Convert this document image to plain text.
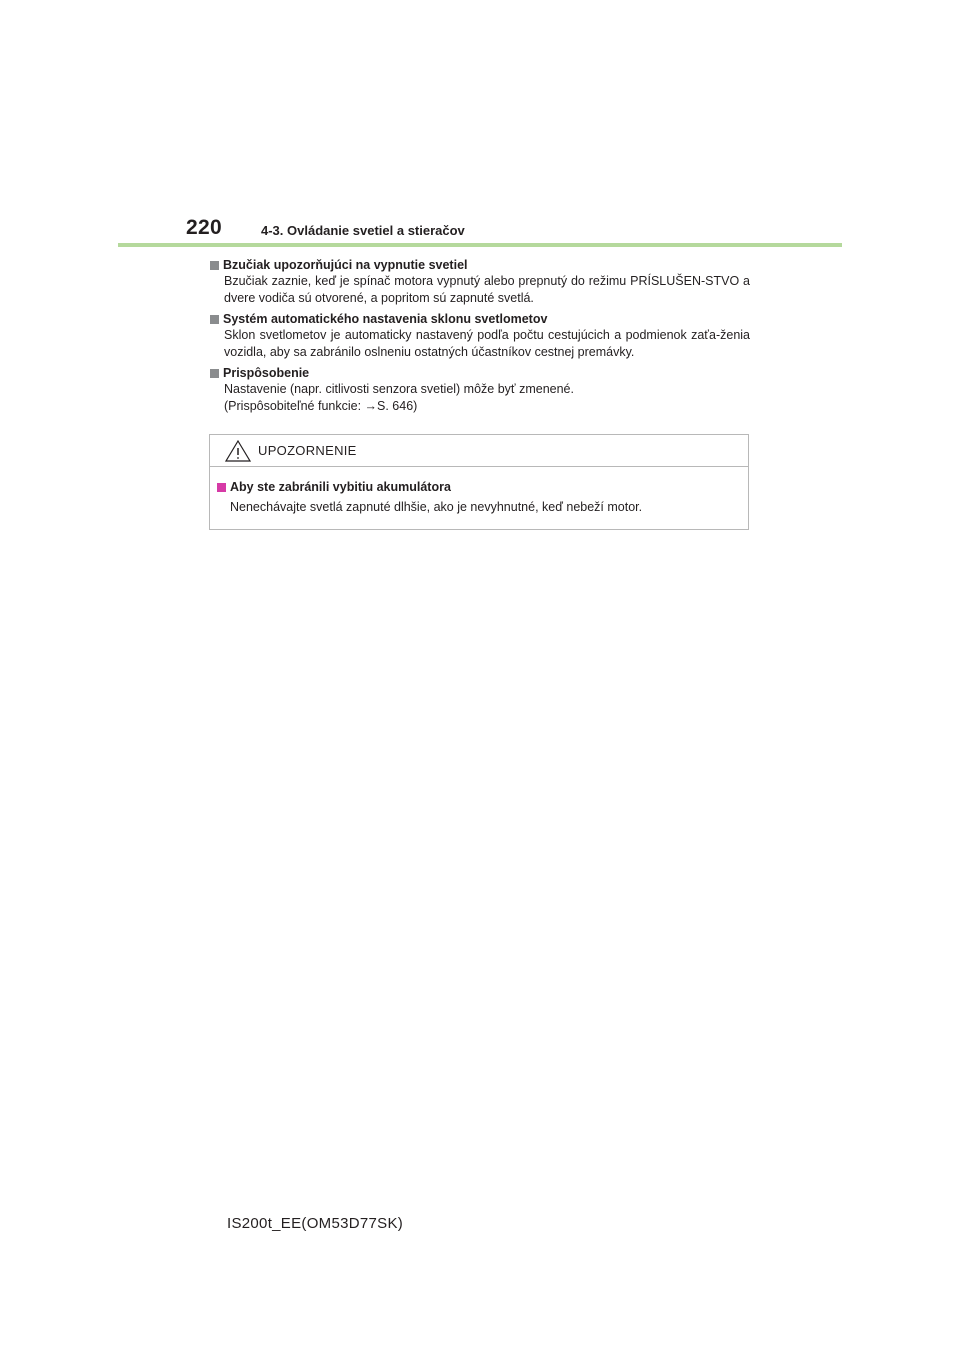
220	4-3. Ovládanie svetiel a stieračov
Bzučiak upozorňujúci na vypnutie svetiel

Bzučiak zaznie, keď je spínač motora vypnutý alebo prepnutý do režimu PRÍSLUŠEN-STVO a dvere vodiča sú otvorené, a popritom sú zapnuté svetlá.

Systém automatického nastavenia sklonu svetlometov

Sklon svetlometov je automaticky nastavený podľa počtu cestujúcich a podmienok zaťa-ženia vozidla, aby sa zabránilo oslneniu ostatných účastníkov cestnej premávky.

Prispôsobenie

Nastavenie (napr. citlivosti senzora svetiel) môže byť zmenené.

(Prispôsobiteľné funkcie: →S. 646)

UPOZORNENIE
Aby ste zabránili vybitiu akumulátora

Nenechávajte svetlá zapnuté dlhšie, ako je nevyhnutné, keď nebeží motor.

IS200t_EE(OM53D77SK)
